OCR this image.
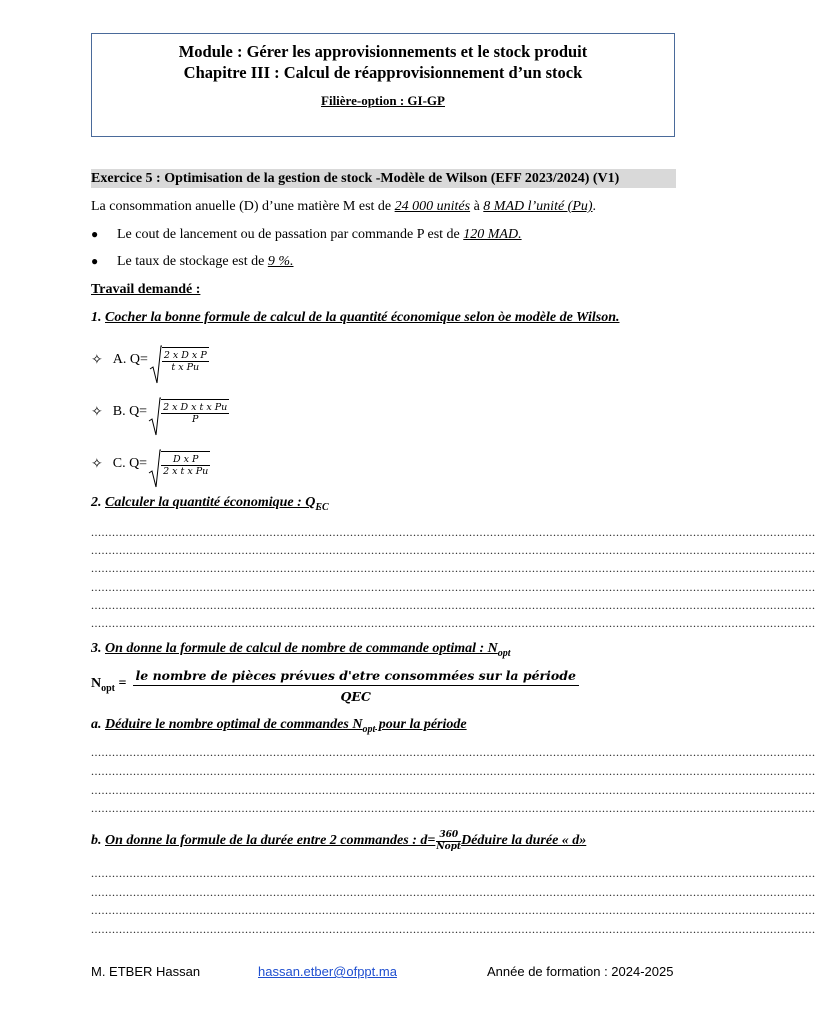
Module : Gérer les approvisionnements et le stock produit
Chapitre III : Calcul de réapprovisionnement d’un stock
Filière-option : GI-GP
Exercice 5 : Optimisation de la gestion de stock -Modèle de Wilson (EFF 2023/2024) (V1)
La consommation anuelle (D) d’une matière M est de 24 000 unités à 8 MAD l’unité (Pu).
● Le cout de lancement ou de passation par commande P est de 120 MAD.
● Le taux de stockage est de 9 %.
Travail demandé :
1. Cocher la bonne formule de calcul de la quantité économique selon òe modèle de Wilson.
✧ A. $Q= \frac{\text{2 x D x P}}{\text{t x Pu}}$
✧ B. $Q= \frac{\text{2 x D x t x Pu}}{P}$
✧ C. $Q= \frac{\text{D x P}}{\text{2 x t x Pu}}$
2. Calculer la quantité économique : $Q_{EC}$
...............................................................................................................................................................................................................
...............................................................................................................................................................................................................
...............................................................................................................................................................................................................
...............................................................................................................................................................................................................
...............................................................................................................................................................................................................
...............................................................................................................................................................................................................
3. On donne la formule de calcul de nombre de commande optimal : $N_{opt}$
$N_{opt} = \frac{\text{le nombre de pièces prévues d'etre consommées sur la période}}{\text{QEC}}$
a. Déduire le nombre optimal de commandes $N_{opt}$ pour la période
...............................................................................................................................................................................................................
...............................................................................................................................................................................................................
...............................................................................................................................................................................................................
...............................................................................................................................................................................................................
b.
On donne la formule de la durée entre 2 commandes : $d= \frac{360}{\text{Nopt}}$ Déduire la durée « d»
...............................................................................................................................................................................................................
...............................................................................................................................................................................................................
...............................................................................................................................................................................................................
...............................................................................................................................................................................................................
M. ETBER Hassan	hassan.etber@ofppt.ma	Année de formation : 2024-2025
